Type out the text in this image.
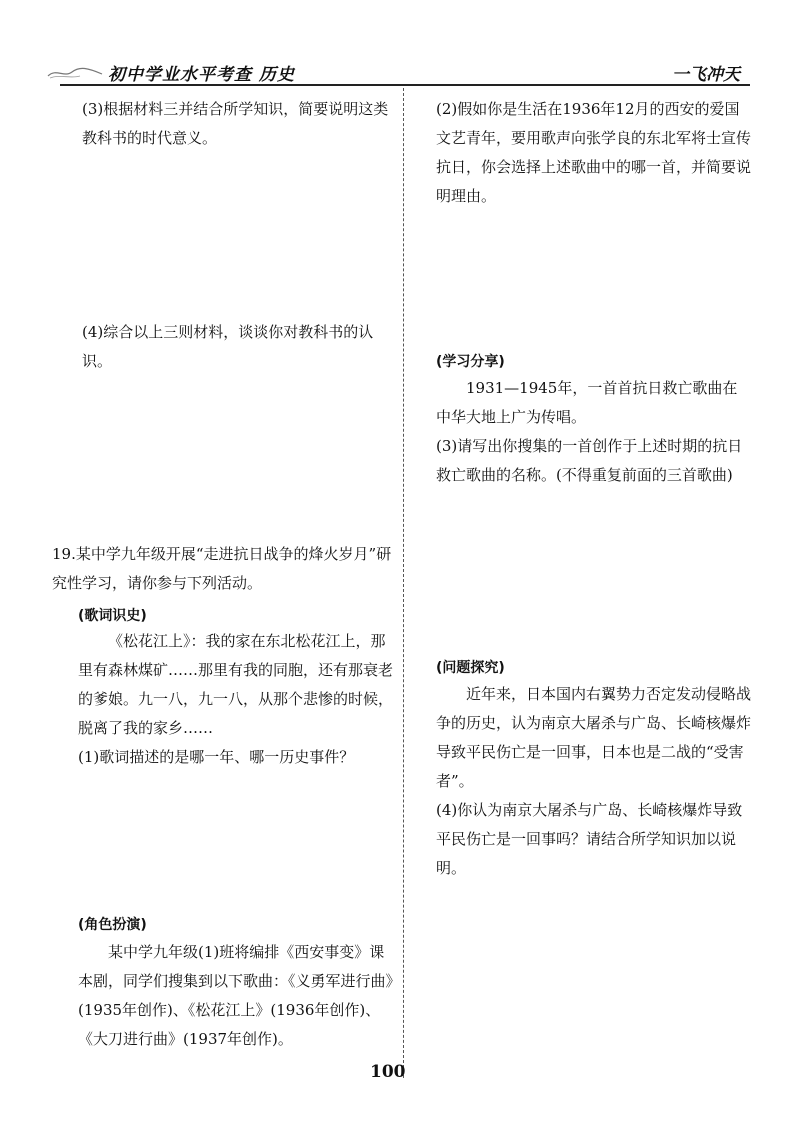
初中学业水平考查 历史	一飞冲天

(3)根据材料三并结合所学知识，简要说明这类教科书的时代意义。

(4)综合以上三则材料，谈谈你对教科书的认识。

19.某中学九年级开展“走进抗日战争的烽火岁月”研究性学习，请你参与下列活动。

(歌词识史)

《松花江上》：我的家在东北松花江上，那里有森林煤矿……那里有我的同胞，还有那衰老的爹娘。九一八，九一八，从那个悲惨的时候，脱离了我的家乡……

(1)歌词描述的是哪一年、哪一历史事件？

(角色扮演)

某中学九年级(1)班将编排《西安事变》课本剧，同学们搜集到以下歌曲：《义勇军进行曲》(1935年创作)、《松花江上》(1936年创作)、《大刀进行曲》(1937年创作)。

(2)假如你是生活在1936年12月的西安的爱国文艺青年，要用歌声向张学良的东北军将士宣传抗日，你会选择上述歌曲中的哪一首，并简要说明理由。

(学习分享)

1931—1945年，一首首抗日救亡歌曲在中华大地上广为传唱。

(3)请写出你搜集的一首创作于上述时期的抗日救亡歌曲的名称。(不得重复前面的三首歌曲)

(问题探究)

近年来，日本国内右翼势力否定发动侵略战争的历史，认为南京大屠杀与广岛、长崎核爆炸导致平民伤亡是一回事，日本也是二战的“受害者”。

(4)你认为南京大屠杀与广岛、长崎核爆炸导致平民伤亡是一回事吗？请结合所学知识加以说明。

100
